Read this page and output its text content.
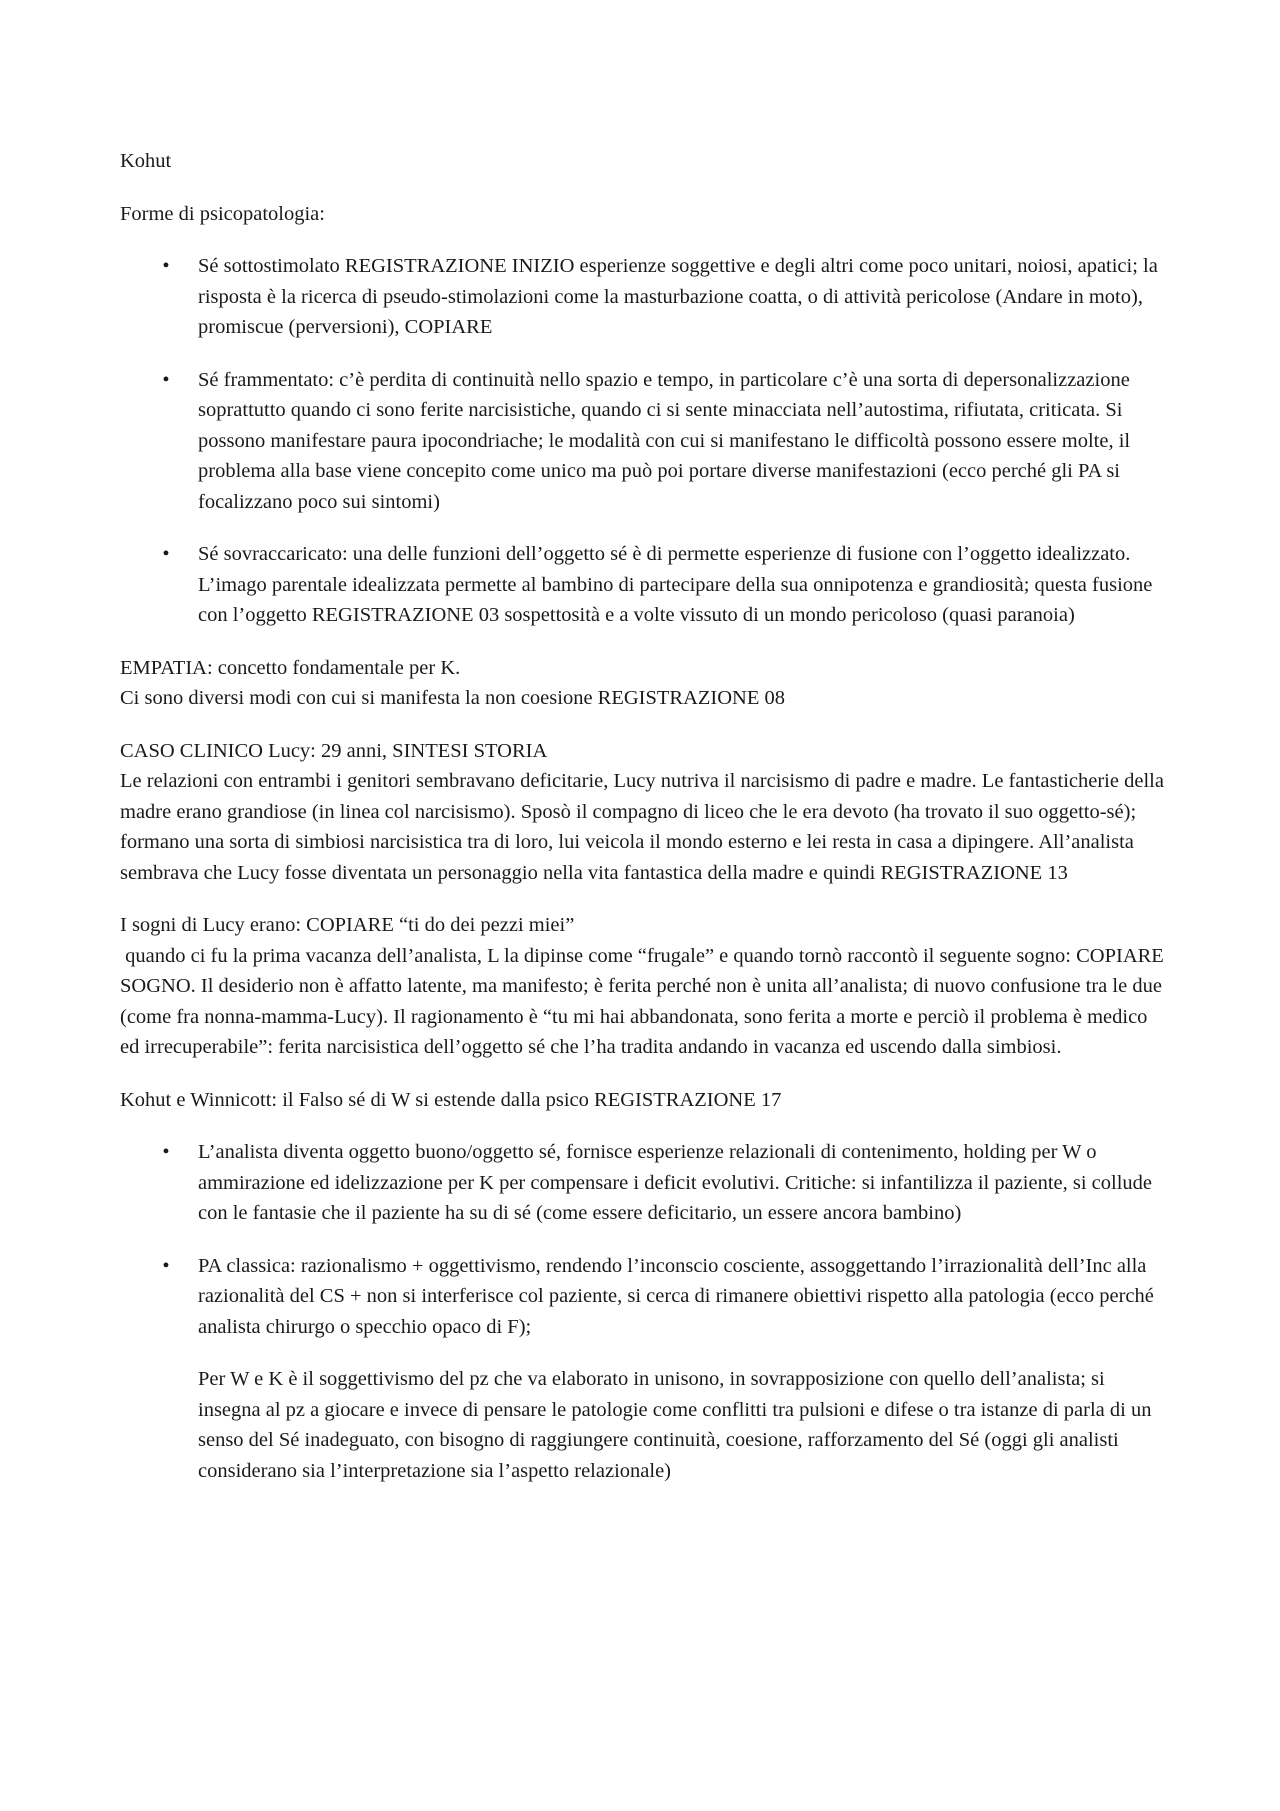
Kohut

Forme di psicopatologia:

• Sé sottostimolato REGISTRAZIONE INIZIO esperienze soggettive e degli altri come poco unitari, noiosi, apatici; la risposta è la ricerca di pseudo-stimolazioni come la masturbazione coatta, o di attività pericolose (Andare in moto), promiscue (perversioni), COPIARE
• Sé frammentato: c’è perdita di continuità nello spazio e tempo, in particolare c’è una sorta di depersonalizzazione soprattutto quando ci sono ferite narcisistiche, quando ci si sente minacciata nell’autostima, rifiutata, criticata. Si possono manifestare paura ipocondriache; le modalità con cui si manifestano le difficoltà possono essere molte, il problema alla base viene concepito come unico ma può poi portare diverse manifestazioni (ecco perché gli PA si focalizzano poco sui sintomi)
• Sé sovraccaricato: una delle funzioni dell’oggetto sé è di permette esperienze di fusione con l’oggetto idealizzato. L’imago parentale idealizzata permette al bambino di partecipare della sua onnipotenza e grandiosità; questa fusione con l’oggetto REGISTRAZIONE 03 sospettosità e a volte vissuto di un mondo pericoloso (quasi paranoia)

EMPATIA: concetto fondamentale per K.

Ci sono diversi modi con cui si manifesta la non coesione REGISTRAZIONE 08

CASO CLINICO Lucy: 29 anni, SINTESI STORIA

Le relazioni con entrambi i genitori sembravano deficitarie, Lucy nutriva il narcisismo di padre e madre. Le fantasticherie della madre erano grandiose (in linea col narcisismo). Sposò il compagno di liceo che le era devoto (ha trovato il suo oggetto-sé); formano una sorta di simbiosi narcisistica tra di loro, lui veicola il mondo esterno e lei resta in casa a dipingere. All’analista sembrava che Lucy fosse diventata un personaggio nella vita fantastica della madre e quindi REGISTRAZIONE 13

I sogni di Lucy erano: COPIARE “ti do dei pezzi miei”

quando ci fu la prima vacanza dell’analista, L la dipinse come “frugale” e quando tornò raccontò il seguente sogno: COPIARE SOGNO. Il desiderio non è affatto latente, ma manifesto; è ferita perché non è unita all’analista; di nuovo confusione tra le due (come fra nonna-mamma-Lucy). Il ragionamento è “tu mi hai abbandonata, sono ferita a morte e perciò il problema è medico ed irrecuperabile”: ferita narcisistica dell’oggetto sé che l’ha tradita andando in vacanza ed uscendo dalla simbiosi.

Kohut e Winnicott: il Falso sé di W si estende dalla psico REGISTRAZIONE 17

• L’analista diventa oggetto buono/oggetto sé, fornisce esperienze relazionali di contenimento, holding per W o ammirazione ed idelizzazione per K per compensare i deficit evolutivi. Critiche: si infantilizza il paziente, si collude con le fantasie che il paziente ha su di sé (come essere deficitario, un essere ancora bambino)
• PA classica: razionalismo + oggettivismo, rendendo l’inconscio cosciente, assoggettando l’irrazionalità dell’Inc alla razionalità del CS + non si interferisce col paziente, si cerca di rimanere obiettivi rispetto alla patologia (ecco perché analista chirurgo o specchio opaco di F);

Per W e K è il soggettivismo del pz che va elaborato in unisono, in sovrapposizione con quello dell’analista; si insegna al pz a giocare e invece di pensare le patologie come conflitti tra pulsioni e difese o tra istanze di parla di un senso del Sé inadeguato, con bisogno di raggiungere continuità, coesione, rafforzamento del Sé (oggi gli analisti considerano sia l’interpretazione sia l’aspetto relazionale)
